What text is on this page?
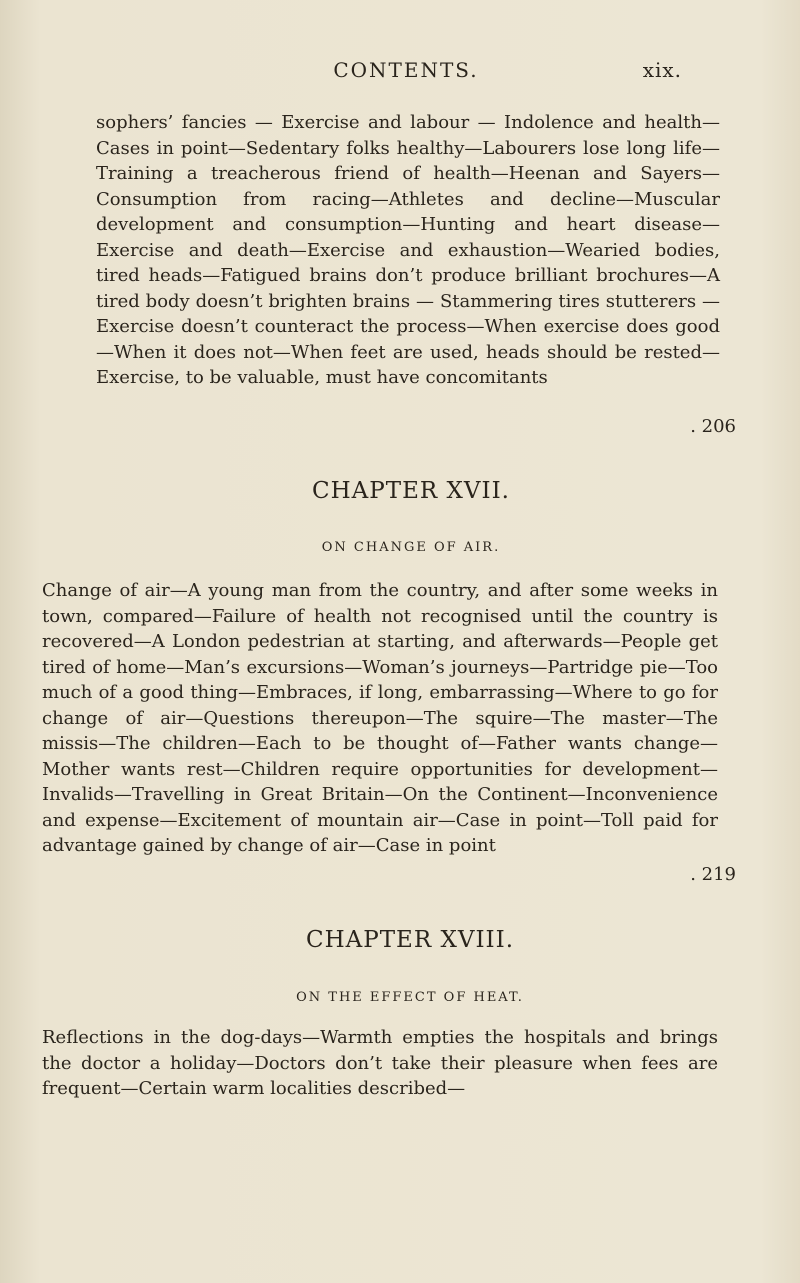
CONTENTS.	xix.
sophers’ fancies — Exercise and labour — Indolence and health—Cases in point—Sedentary folks healthy—Labourers lose long life—Training a treacherous friend of health—Heenan and Sayers—Consumption from racing—Athletes and decline—Muscular development and consumption—Hunting and heart disease—Exercise and death—Exercise and exhaustion—Wearied bodies, tired heads—Fatigued brains don’t produce brilliant brochures—A tired body doesn’t brighten brains — Stammering tires stutterers — Exercise doesn’t counteract the process—When exercise does good—When it does not—When feet are used, heads should be rested—Exercise, to be valuable, must have concomitants
. 206
CHAPTER XVII.
ON CHANGE OF AIR.
Change of air—A young man from the country, and after some weeks in town, compared—Failure of health not recognised until the country is recovered—A London pedestrian at starting, and afterwards—People get tired of home—Man’s excursions—Woman’s journeys—Partridge pie—Too much of a good thing—Embraces, if long, embarrassing—Where to go for change of air—Questions thereupon—The squire—The master—The missis—The children—Each to be thought of—Father wants change—Mother wants rest—Children require opportunities for development—Invalids—Travelling in Great Britain—On the Continent—Inconvenience and expense—Excitement of mountain air—Case in point—Toll paid for advantage gained by change of air—Case in point
. 219
CHAPTER XVIII.
ON THE EFFECT OF HEAT.
Reflections in the dog-days—Warmth empties the hospitals and brings the doctor a holiday—Doctors don’t take their pleasure when fees are frequent—Certain warm localities described—
